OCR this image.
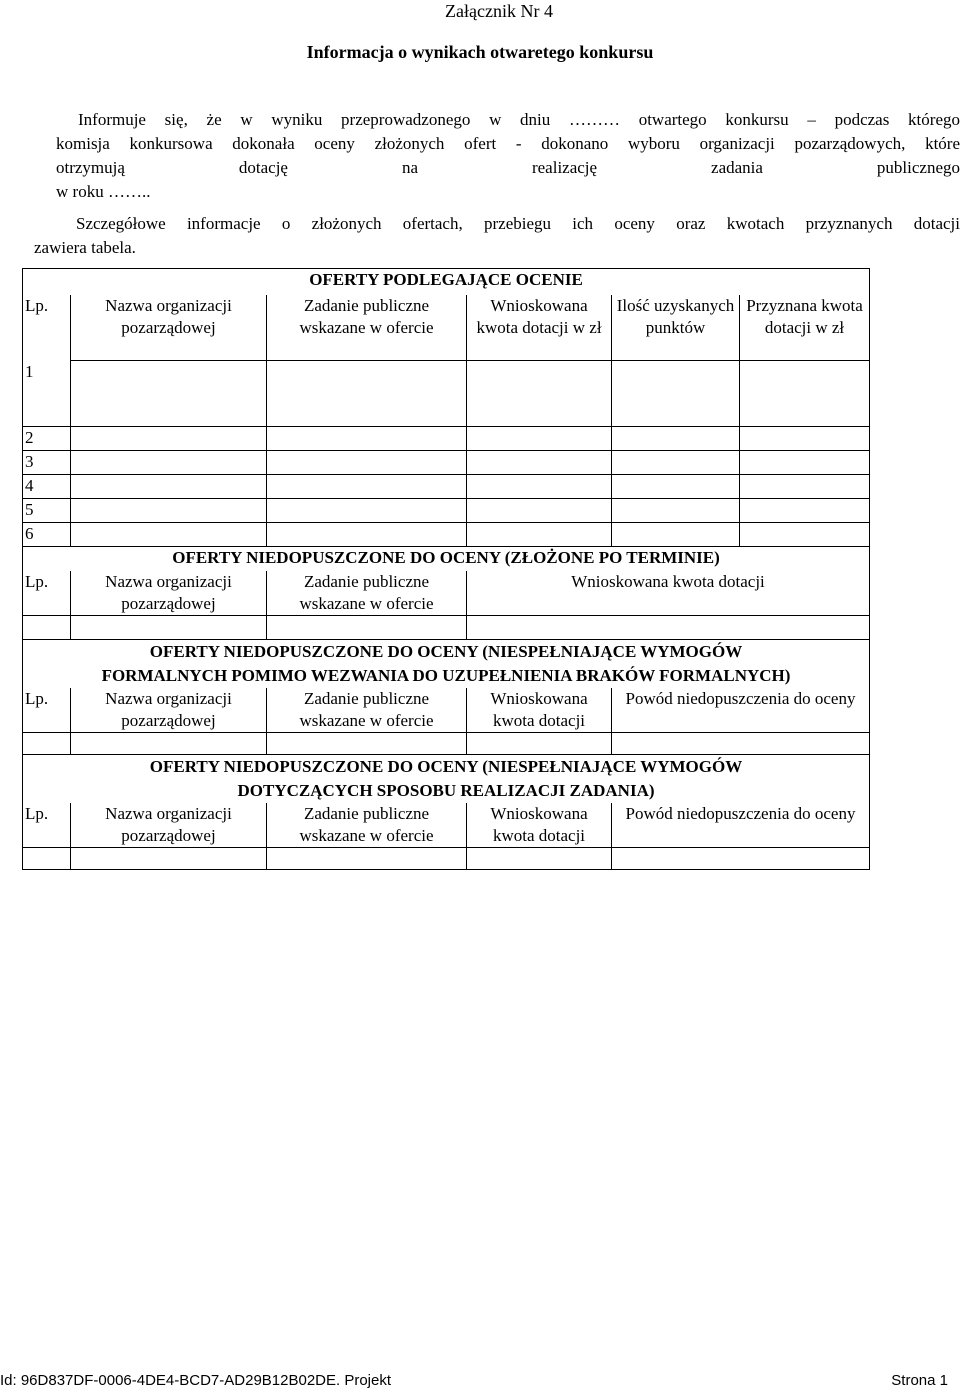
Załącznik Nr 4
Informacja o wynikach otwaretego konkursu
Informuje się, że w wyniku przeprowadzonego w dniu ……… otwartego konkursu – podczas którego
komisja konkursowa dokonała oceny złożonych ofert - dokonano wyboru organizacji pozarządowych, które
otrzymują dotację na realizację zadania publicznego
w roku ……..
Szczegółowe informacje o złożonych ofertach, przebiegu ich oceny oraz kwotach przyznanych dotacji
zawiera tabela.
OFERTY PODLEGAJĄCE OCENIE					
Lp.	Nazwa organizacji pozarządowej	Zadanie publiczne wskazane w ofercie	Wnioskowana kwota dotacji w zł	Ilość uzyskanych punktów	Przyznana kwota dotacji w zł
1					
2					
3					
4					
5					
6					
OFERTY NIEDOPUSZCZONE DO OCENY (ZŁOŻONE PO TERMINIE)					
Lp.	Nazwa organizacji pozarządowej	Zadanie publiczne wskazane w ofercie	Wnioskowana kwota dotacji		

OFERTY NIEDOPUSZCZONE DO OCENY (NIESPEŁNIAJĄCE WYMOGÓW
FORMALNYCH POMIMO WEZWANIA DO UZUPEŁNIENIA BRAKÓW FORMALNYCH)					

Lp.	Nazwa organizacji pozarządowej	Zadanie publiczne wskazane w ofercie	Wnioskowana kwota dotacji	Powód niedopuszczenia do oceny	

OFERTY NIEDOPUSZCZONE DO OCENY (NIESPEŁNIAJĄCE WYMOGÓW
DOTYCZĄCYCH SPOSOBU REALIZACJI ZADANIA)					

Lp.	Nazwa organizacji pozarządowej	Zadanie publiczne wskazane w ofercie	Wnioskowana kwota dotacji	Powód niedopuszczenia do oceny	

Id: 96D837DF-0006-4DE4-BCD7-AD29B12B02DE. Projekt	Strona 1
